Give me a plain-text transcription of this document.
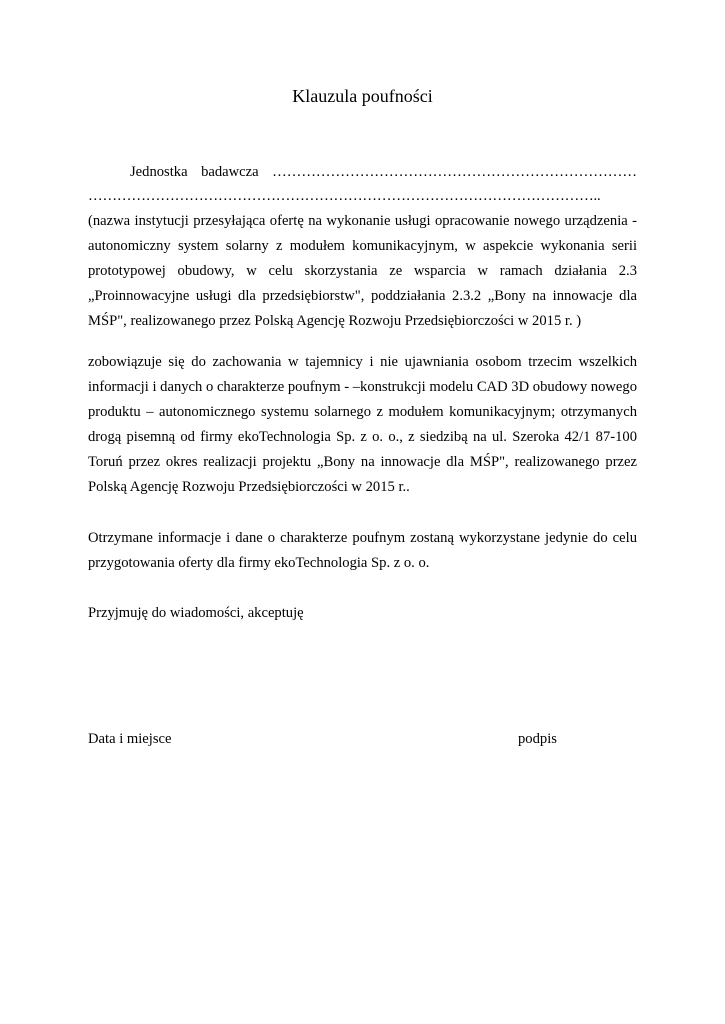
Klauzula poufności
Jednostka badawcza …………………………………………………………………
……………………………………………………………………………………………..
(nazwa instytucji przesyłająca ofertę na wykonanie usługi opracowanie nowego urządzenia -
autonomiczny system solarny z modułem komunikacyjnym, w aspekcie wykonania serii
prototypowej obudowy, w celu skorzystania ze wsparcia w ramach działania 2.3
„Proinnowacyjne usługi dla przedsiębiorstw", poddziałania 2.3.2 „Bony na innowacje dla
MŚP", realizowanego przez Polską Agencję Rozwoju Przedsiębiorczości w 2015 r. )
zobowiązuje się do zachowania w tajemnicy i nie ujawniania osobom trzecim wszelkich
informacji i danych o charakterze poufnym - –konstrukcji modelu CAD 3D obudowy nowego
produktu – autonomicznego systemu solarnego z modułem komunikacyjnym; otrzymanych
drogą pisemną od firmy ekoTechnologia Sp. z o. o., z siedzibą na ul. Szeroka 42/1 87-100
Toruń przez okres realizacji projektu „Bony na innowacje dla MŚP", realizowanego przez
Polską Agencję Rozwoju Przedsiębiorczości w 2015 r..
Otrzymane informacje i dane o charakterze poufnym zostaną wykorzystane jedynie do celu
przygotowania oferty dla firmy ekoTechnologia Sp. z o. o.
Przyjmuję do wiadomości, akceptuję
Data i miejsce	podpis
